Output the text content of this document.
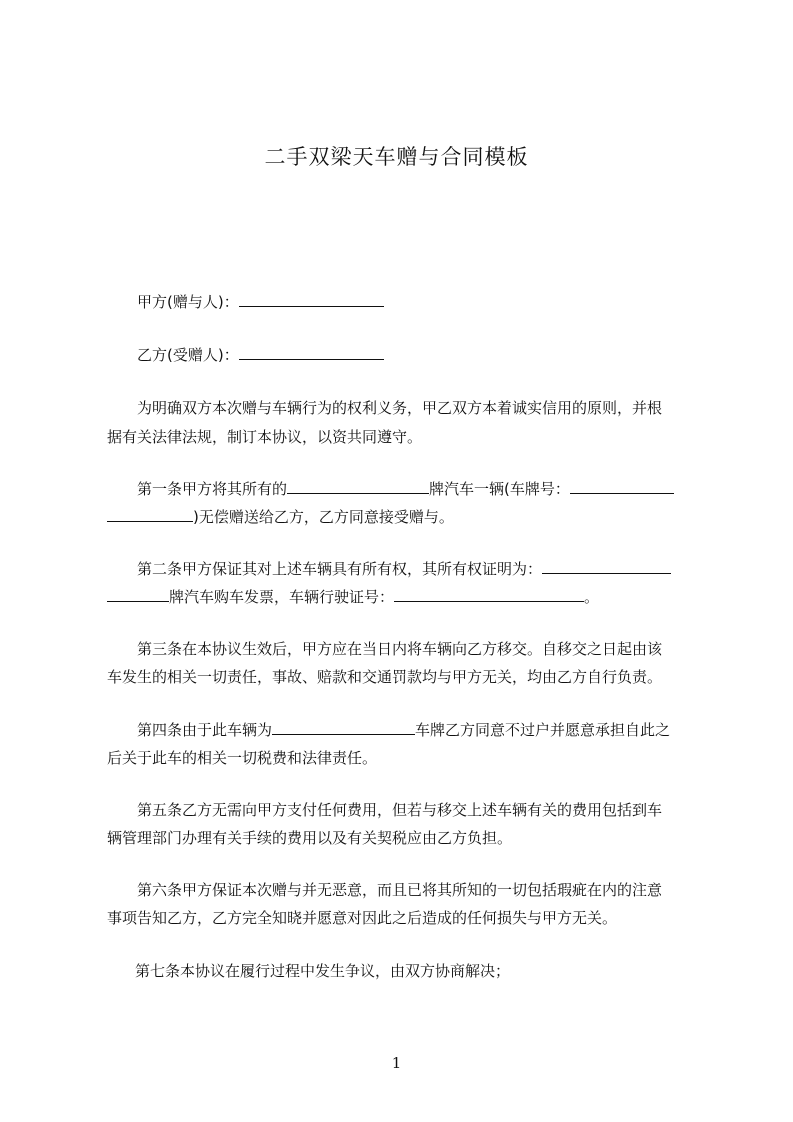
二手双梁天车赠与合同模板
甲方(赠与人)：
乙方(受赠人)：
为明确双方本次赠与车辆行为的权利义务，甲乙双方本着诚实信用的原则，并根
据有关法律法规，制订本协议，以资共同遵守。
第一条甲方将其所有的	牌汽车一辆(车牌号：
)无偿赠送给乙方，乙方同意接受赠与。
第二条甲方保证其对上述车辆具有所有权，其所有权证明为：
牌汽车购车发票，车辆行驶证号：	。
第三条在本协议生效后，甲方应在当日内将车辆向乙方移交。自移交之日起由该
车发生的相关一切责任，事故、赔款和交通罚款均与甲方无关，均由乙方自行负责。
第四条由于此车辆为	车牌乙方同意不过户并愿意承担自此之
后关于此车的相关一切税费和法律责任。
第五条乙方无需向甲方支付任何费用，但若与移交上述车辆有关的费用包括到车
辆管理部门办理有关手续的费用以及有关契税应由乙方负担。
第六条甲方保证本次赠与并无恶意，而且已将其所知的一切包括瑕疵在内的注意
事项告知乙方，乙方完全知晓并愿意对因此之后造成的任何损失与甲方无关。
第七条本协议在履行过程中发生争议，由双方协商解决；
1
